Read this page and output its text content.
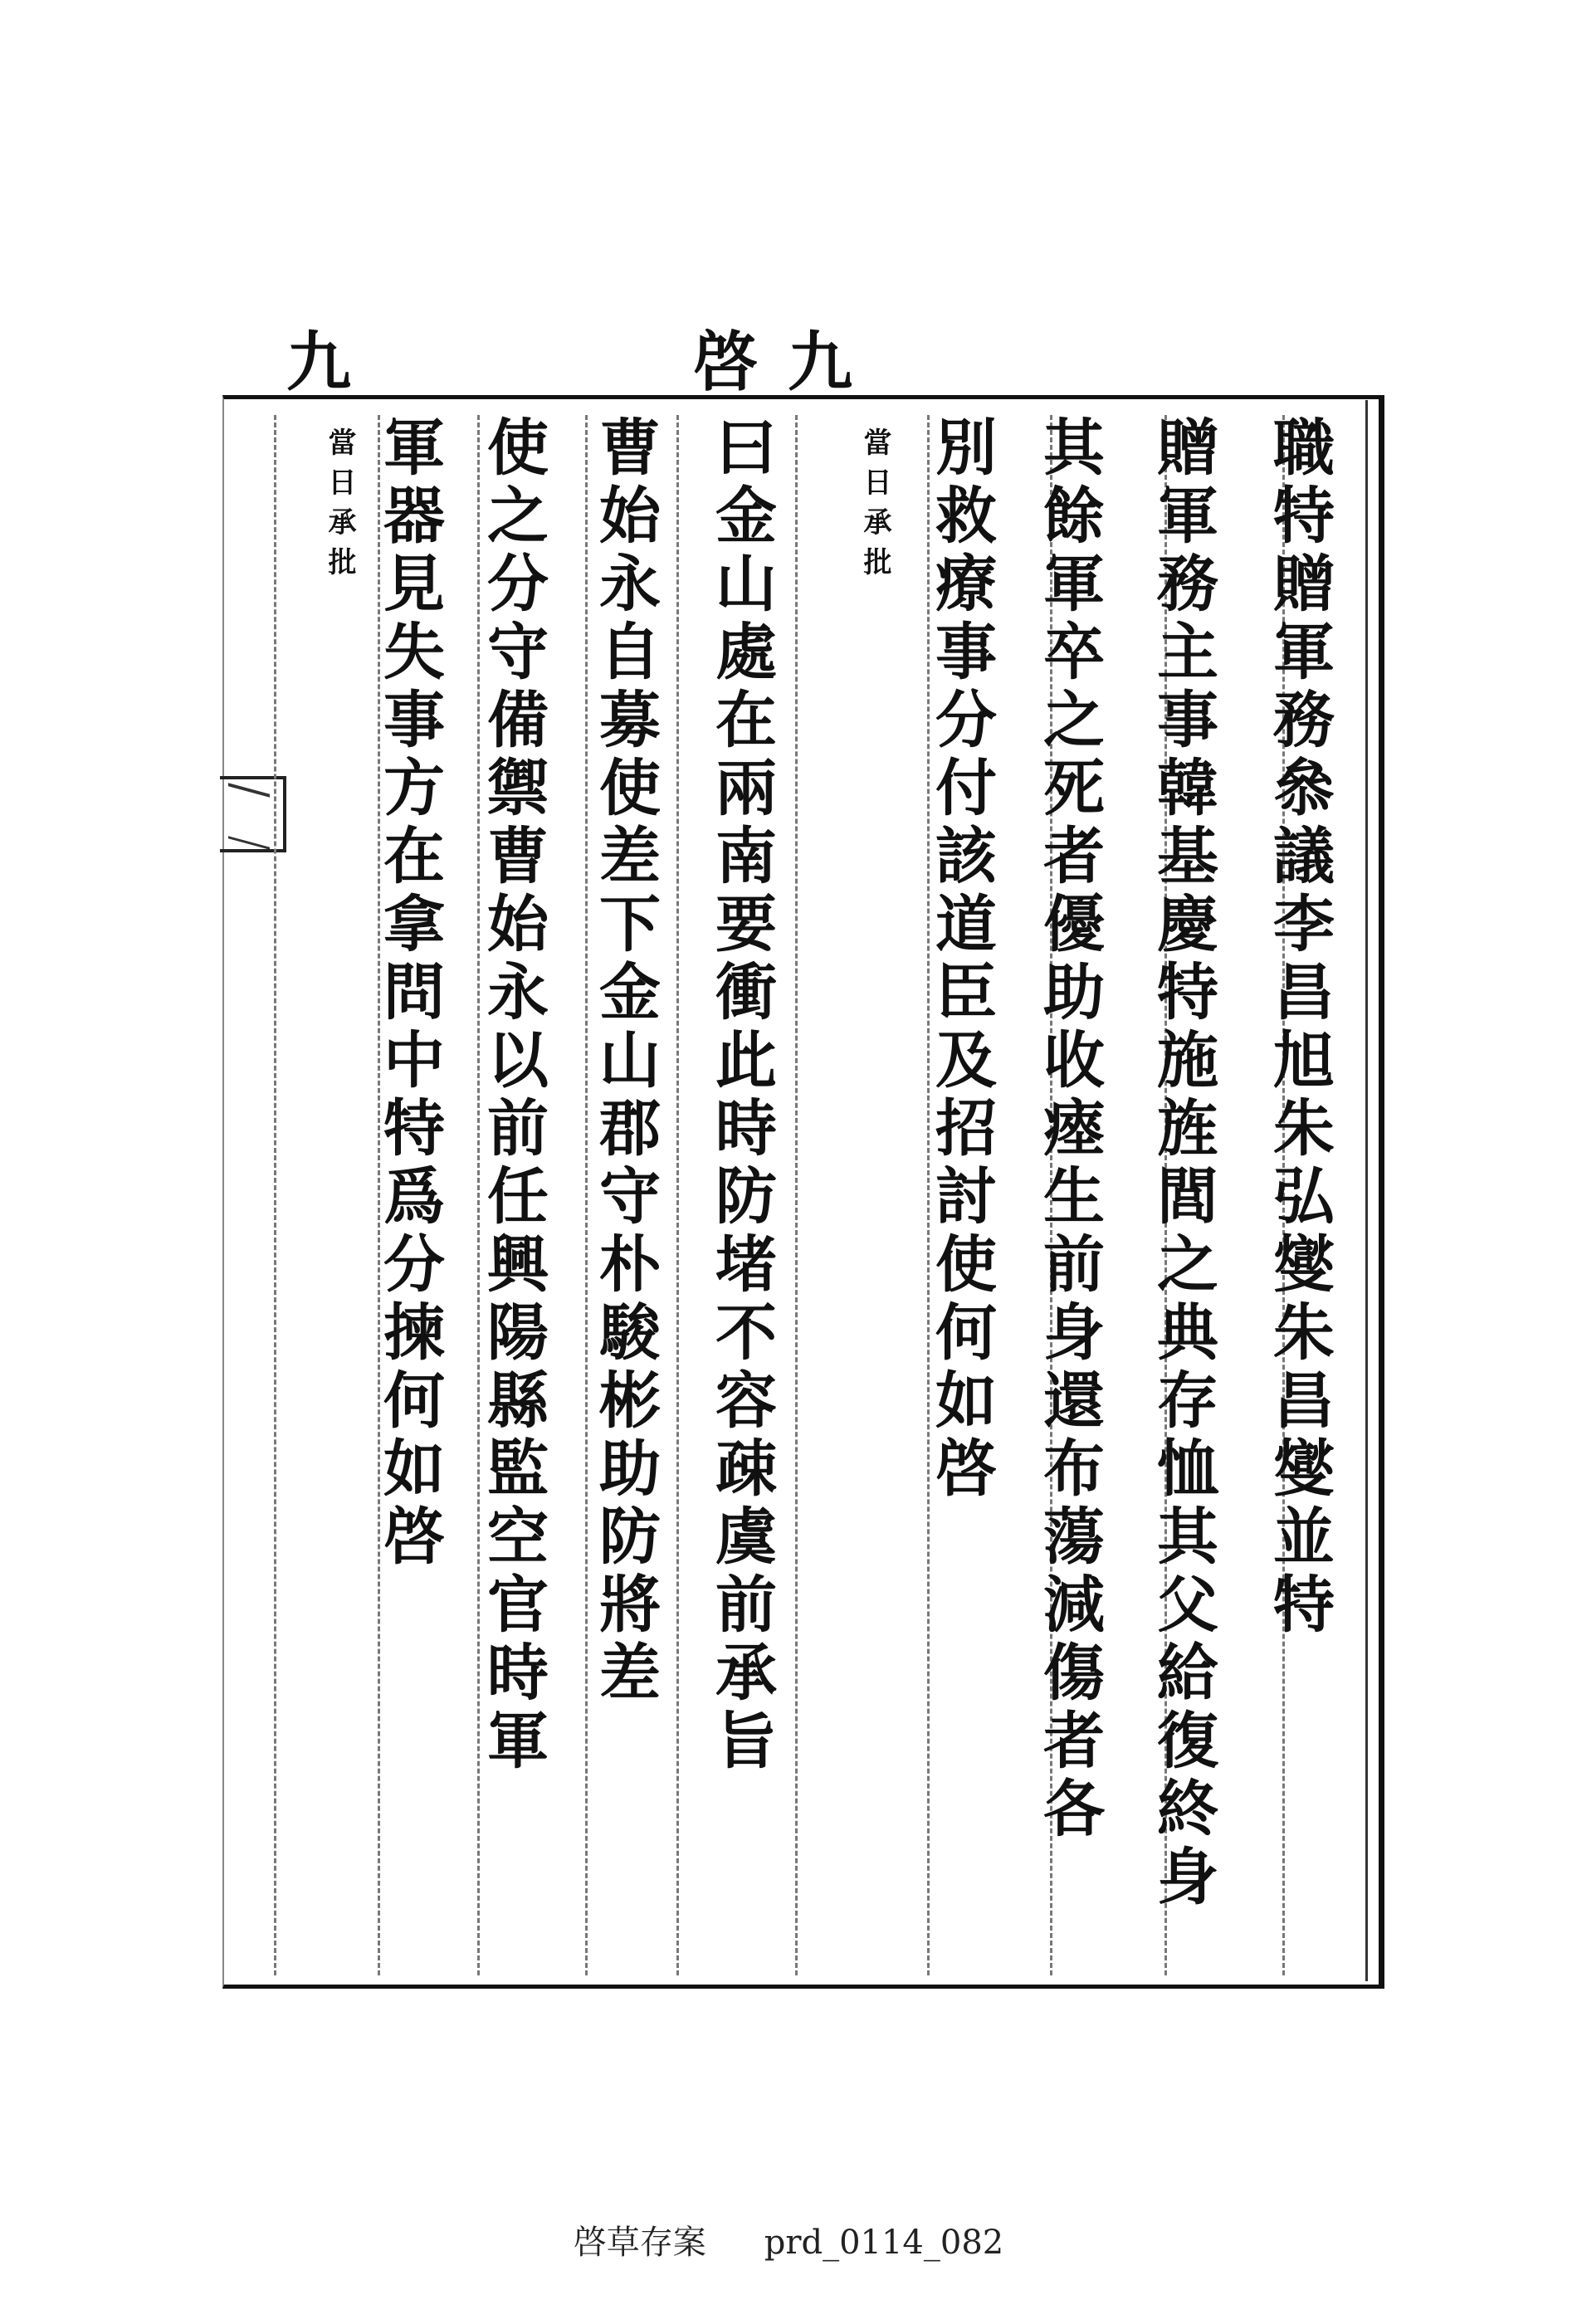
九	啓九
職特贈軍務叅議李昌旭朱弘燮朱昌燮並特
贈軍務主事韓基慶特施旌閭之典存恤其父給復終身
其餘軍卒之死者優助收瘞生前身還布蕩減傷者各
別救療事分付該道臣及招討使何如啓
當日承批
曰金山處在兩南要衝此時防堵不容疎虞前承旨
曹始永自募使差下金山郡守朴駿彬助防將差
使之分守備禦曹始永以前任興陽縣監空官時軍
軍器見失事方在拿問中特爲分揀何如啓
當日承批
啓草存案 prd_0114_082
